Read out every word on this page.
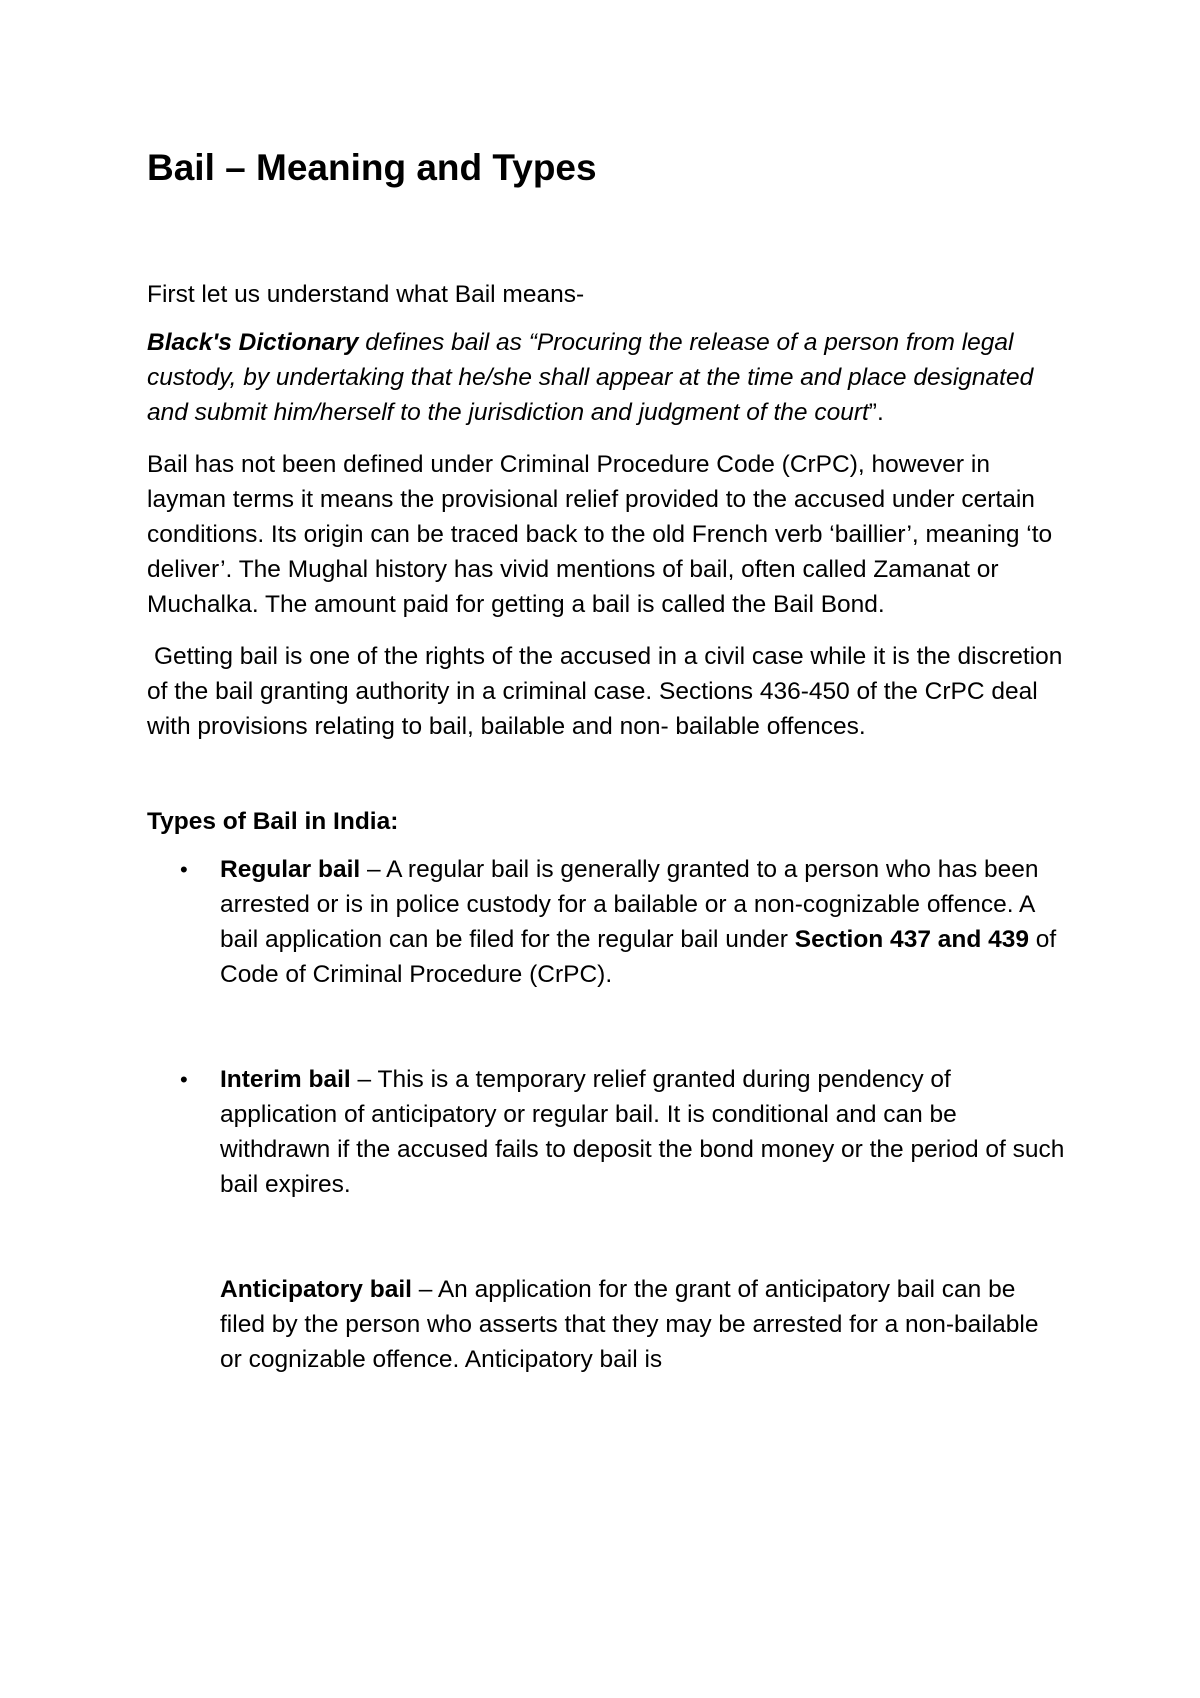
Bail – Meaning and Types

First let us understand what Bail means-

Black's Dictionary defines bail as “Procuring the release of a person from legal custody, by undertaking that he/she shall appear at the time and place designated and submit him/herself to the jurisdiction and judgment of the court”.

Bail has not been defined under Criminal Procedure Code (CrPC), however in layman terms it means the provisional relief provided to the accused under certain conditions. Its origin can be traced back to the old French verb ‘baillier’, meaning ‘to deliver’. The Mughal history has vivid mentions of bail, often called Zamanat or Muchalka. The amount paid for getting a bail is called the Bail Bond.

Getting bail is one of the rights of the accused in a civil case while it is the discretion of the bail granting authority in a criminal case. Sections 436-450 of the CrPC deal with provisions relating to bail, bailable and non- bailable offences.

Types of Bail in India:

• Regular bail – A regular bail is generally granted to a person who has been arrested or is in police custody for a bailable or a non-cognizable offence. A bail application can be filed for the regular bail under Section 437 and 439 of Code of Criminal Procedure (CrPC).
• Interim bail – This is a temporary relief granted during pendency of application of anticipatory or regular bail. It is conditional and can be withdrawn if the accused fails to deposit the bond money or the period of such bail expires.
Anticipatory bail – An application for the grant of anticipatory bail can be filed by the person who asserts that they may be arrested for a non-bailable or cognizable offence. Anticipatory bail is
